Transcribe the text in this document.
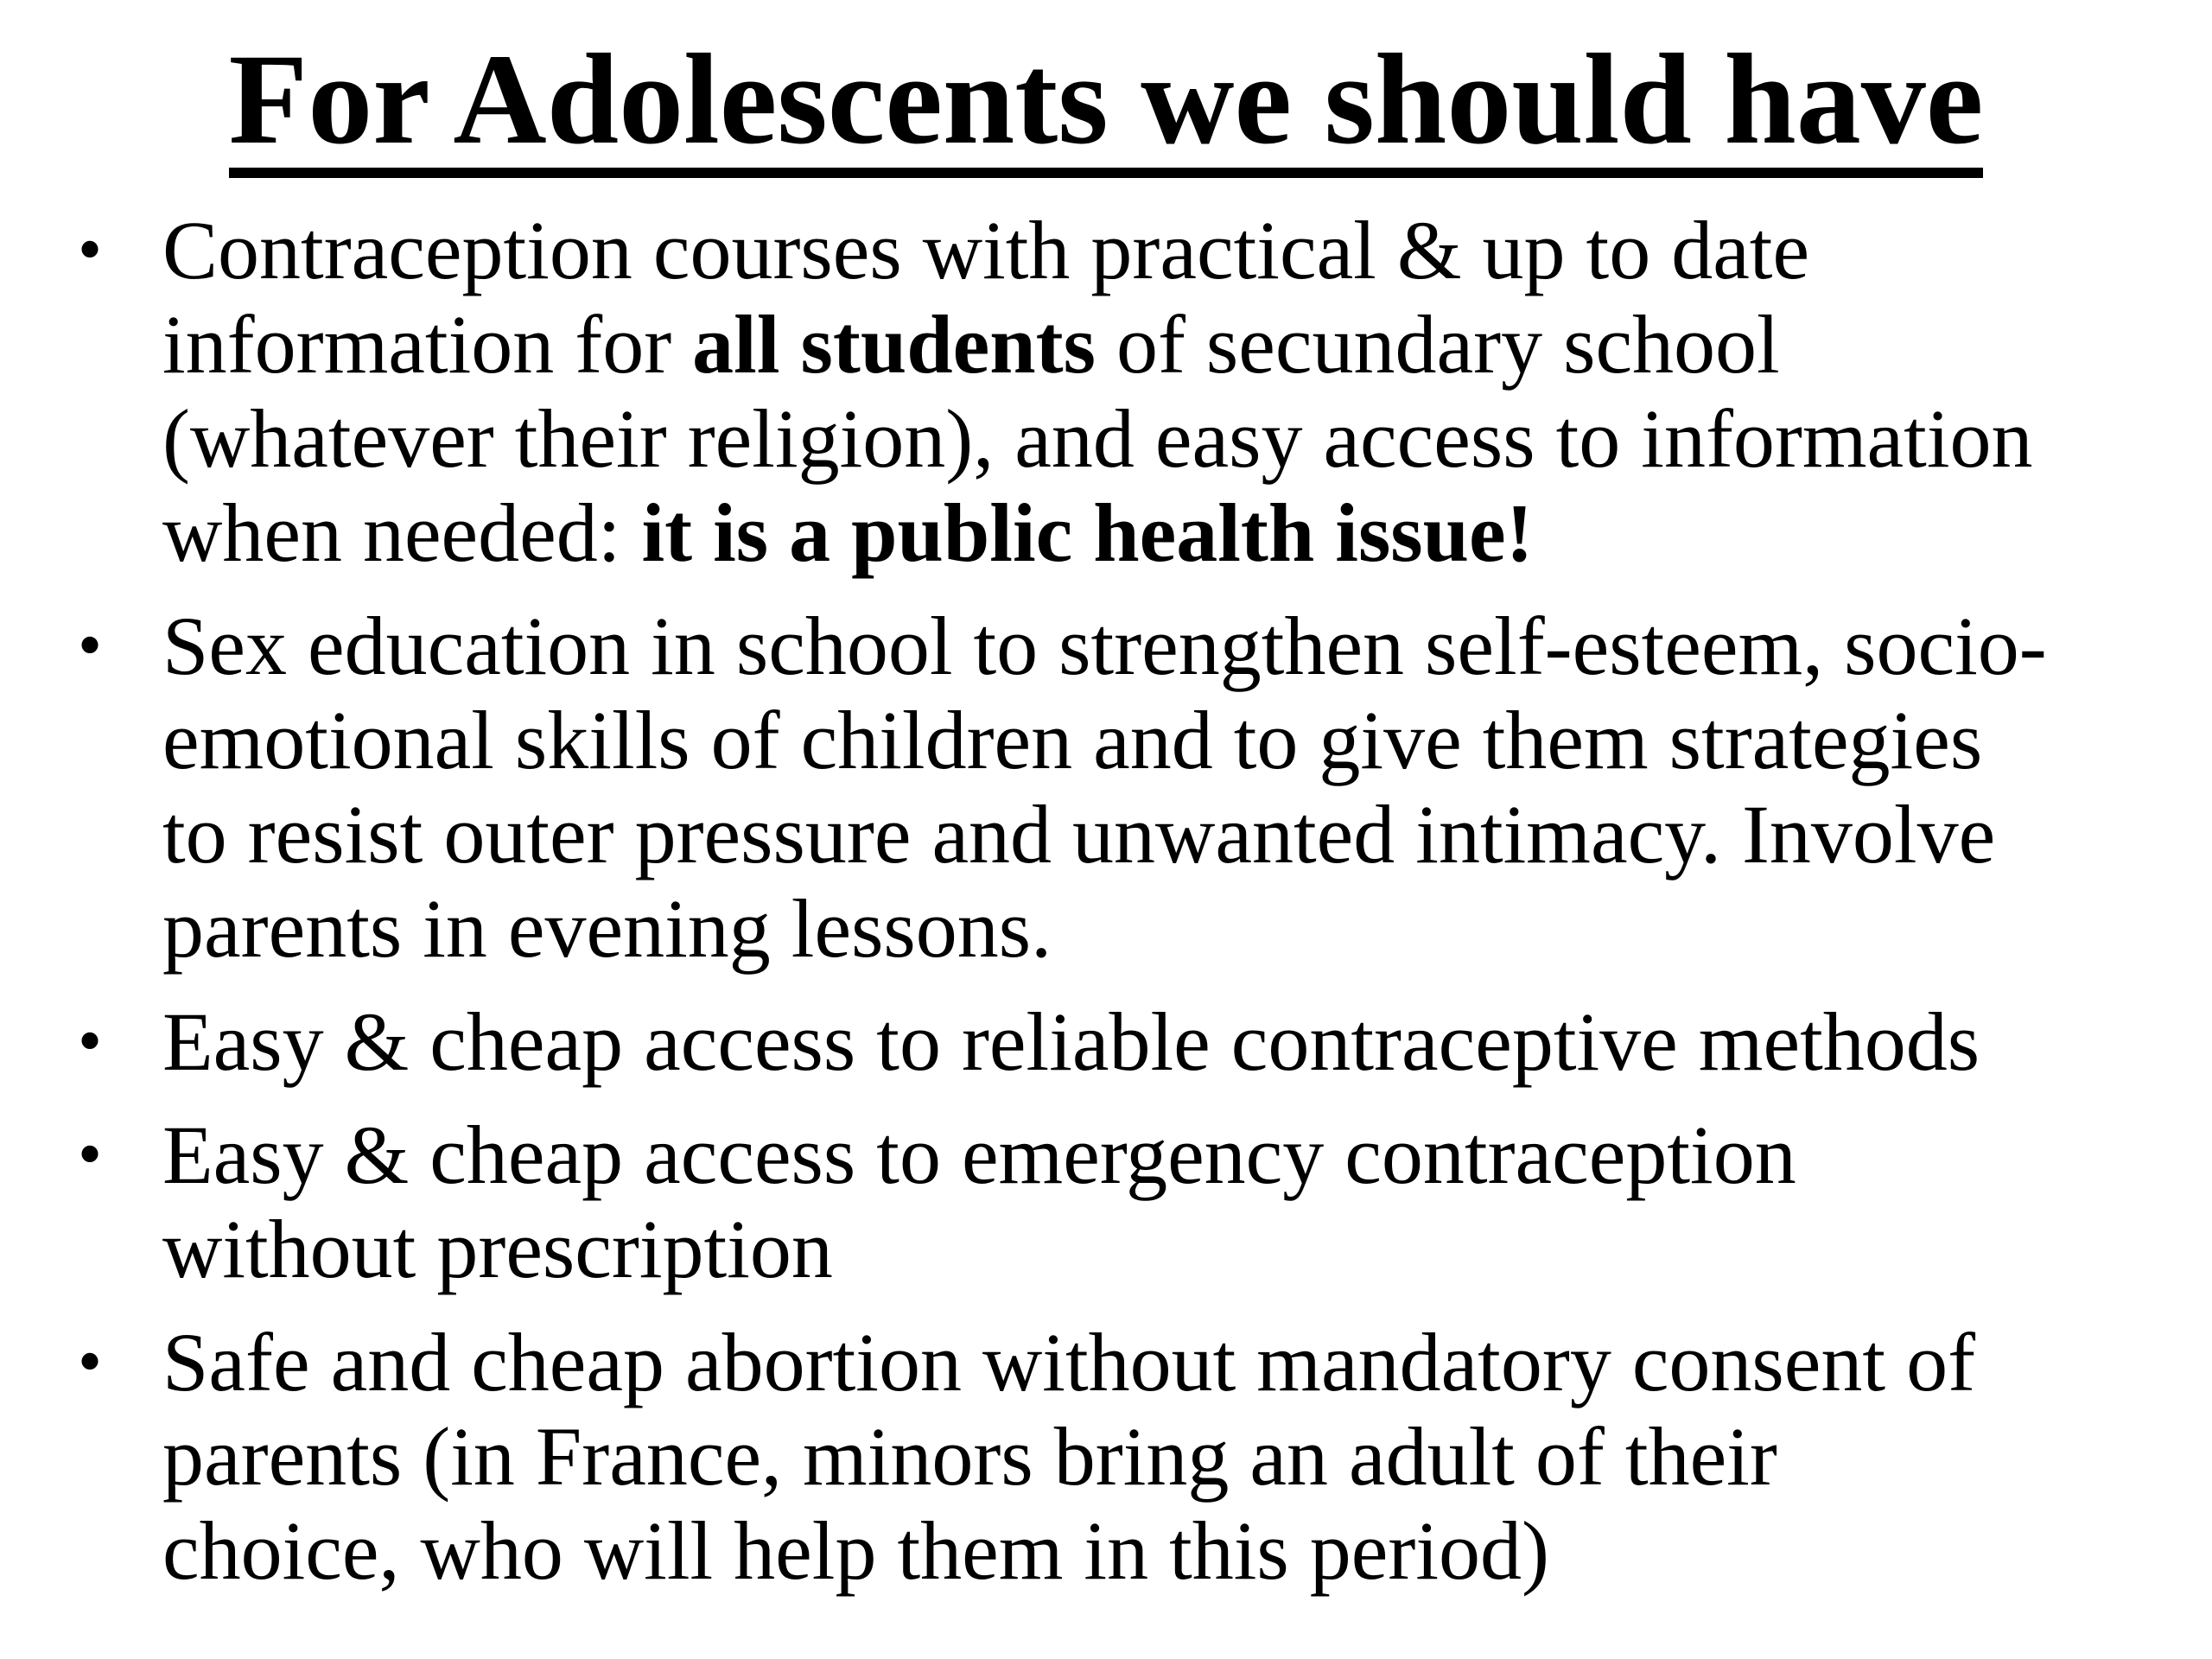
For Adolescents we should have
• Contraception courses with practical & up to date
information for all students of secundary school
(whatever their religion), and easy access to information
when needed: it is a public health issue!
• Sex education in school to strengthen self-esteem, socio-
emotional skills of children and to give them strategies
to resist outer pressure and unwanted intimacy. Involve
parents in evening lessons.
• Easy & cheap access to reliable contraceptive methods
• Easy & cheap access to emergency contraception
without prescription
• Safe and cheap abortion without mandatory consent of
parents (in France, minors bring an adult of their
choice, who will help them in this period)
